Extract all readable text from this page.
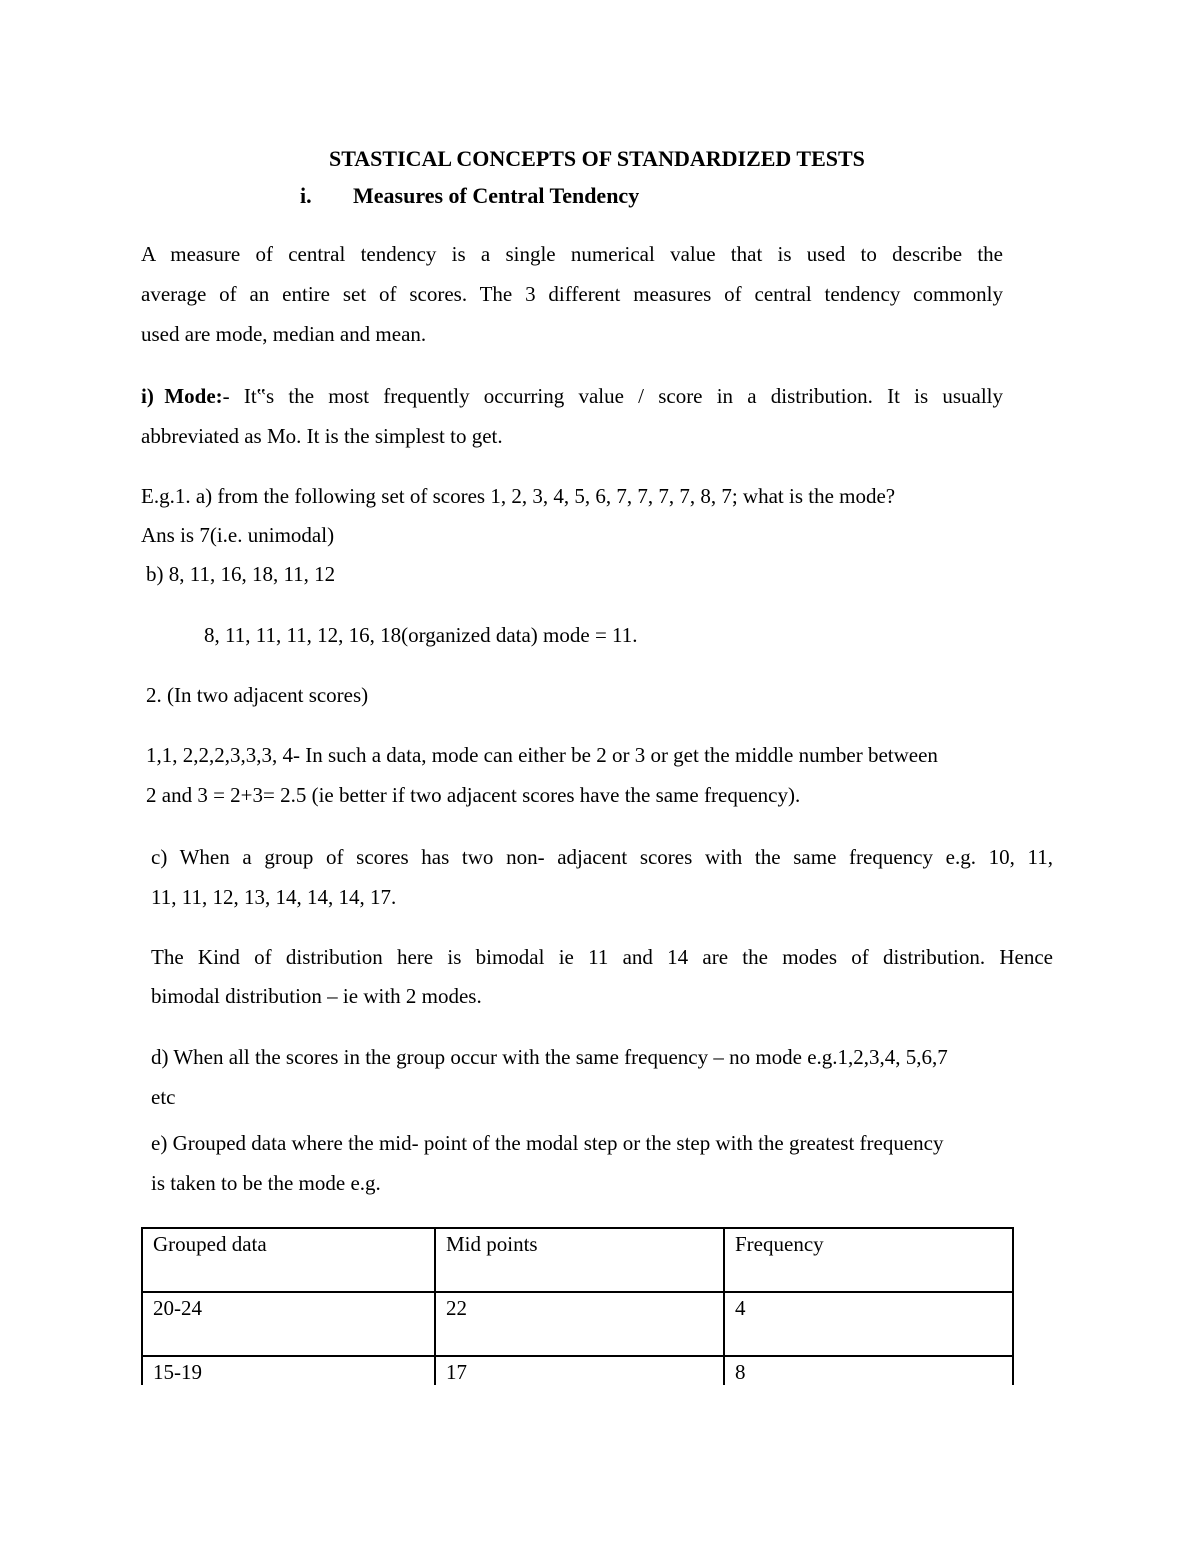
STASTICAL CONCEPTS OF STANDARDIZED TESTS
i. Measures of Central Tendency
A measure of central tendency is a single numerical value that is used to describe the
average of an entire set of scores. The 3 different measures of central tendency commonly
used are mode, median and mean.
i)  Mode: - It‟s the most frequently occurring value / score in a distribution. It is usually
abbreviated as Mo. It is the simplest to get.
E.g.1. a) from the following set of scores 1, 2, 3, 4, 5, 6, 7, 7, 7, 7, 8, 7; what is the mode?
Ans is 7(i.e. unimodal)
b) 8, 11, 16, 18, 11, 12
8, 11, 11, 11, 12, 16, 18(organized data) mode = 11.
2. (In two adjacent scores)
1,1, 2,2,2,3,3,3, 4- In such a data, mode can either be 2 or 3 or get the middle number between
2 and 3 = 2+3= 2.5 (ie better if two adjacent scores have the same frequency).
c) When a group of scores has two non- adjacent scores with the same frequency e.g. 10, 11,
11, 11, 12, 13, 14, 14, 14, 17.
The Kind of distribution here is bimodal ie 11 and 14 are the modes of distribution. Hence
bimodal distribution – ie with 2 modes.
d) When all the scores in the group occur with the same frequency – no mode e.g.1,2,3,4, 5,6,7
etc
e) Grouped data where the mid- point of the modal step or the step with the greatest frequency
is taken to be the mode e.g.
Grouped data	Mid points	Frequency
20-24	22	4
15-19	17	8
